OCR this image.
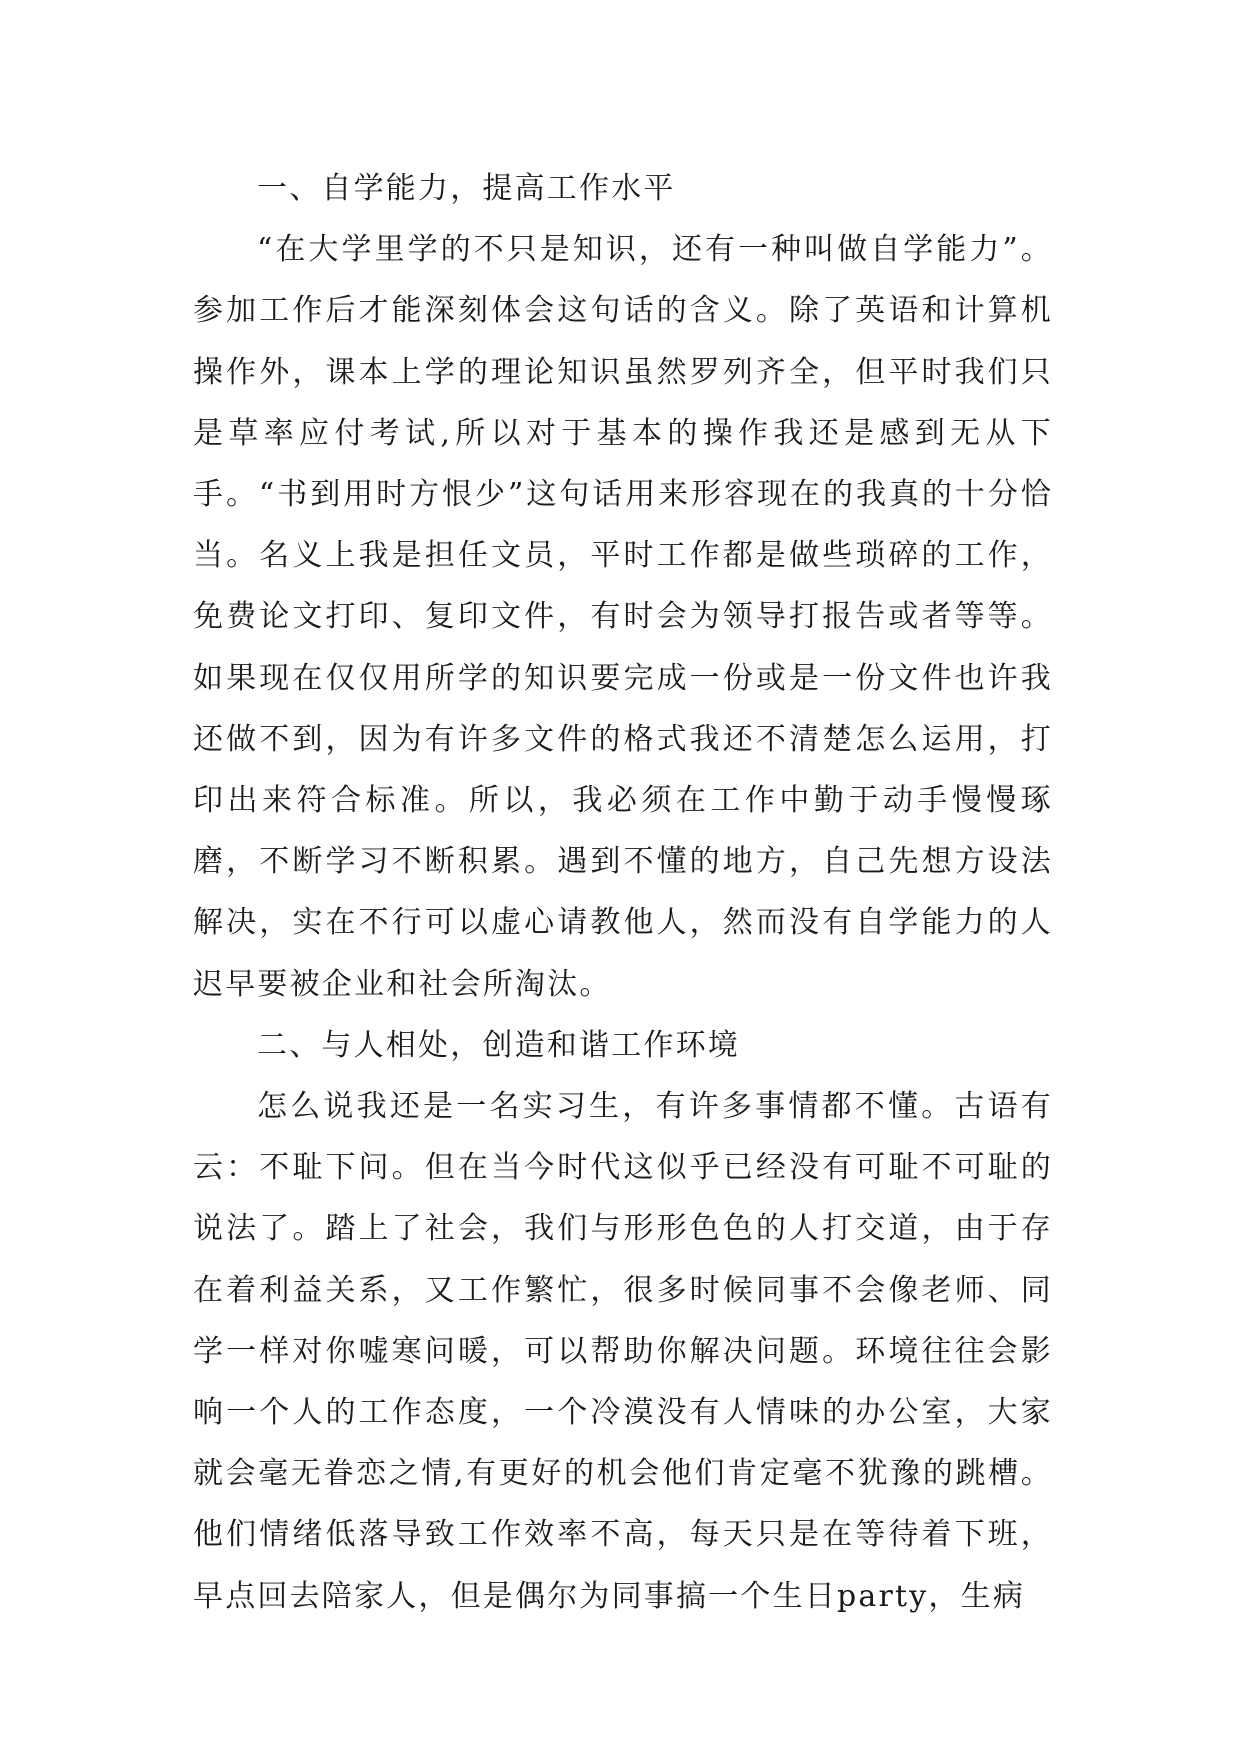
一、自学能力，提高工作水平

“在大学里学的不只是知识，还有一种叫做自学能力”。参加工作后才能深刻体会这句话的含义。除了英语和计算机操作外，课本上学的理论知识虽然罗列齐全，但平时我们只是草率应付考试,所以对于基本的操作我还是感到无从下手。“书到用时方恨少”这句话用来形容现在的我真的十分恰当。名义上我是担任文员，平时工作都是做些琐碎的工作，免费论文打印、复印文件，有时会为领导打报告或者等等。如果现在仅仅用所学的知识要完成一份或是一份文件也许我还做不到，因为有许多文件的格式我还不清楚怎么运用，打印出来符合标准。所以，我必须在工作中勤于动手慢慢琢磨，不断学习不断积累。遇到不懂的地方，自己先想方设法解决，实在不行可以虚心请教他人，然而没有自学能力的人迟早要被企业和社会所淘汰。

二、与人相处，创造和谐工作环境

怎么说我还是一名实习生，有许多事情都不懂。古语有云：不耻下问。但在当今时代这似乎已经没有可耻不可耻的说法了。踏上了社会，我们与形形色色的人打交道，由于存在着利益关系，又工作繁忙，很多时候同事不会像老师、同学一样对你嘘寒问暖，可以帮助你解决问题。环境往往会影响一个人的工作态度，一个冷漠没有人情味的办公室，大家就会毫无眷恋之情,有更好的机会他们肯定毫不犹豫的跳槽。他们情绪低落导致工作效率不高，每天只是在等待着下班，早点回去陪家人，但是偶尔为同事搞一个生日party，生病
